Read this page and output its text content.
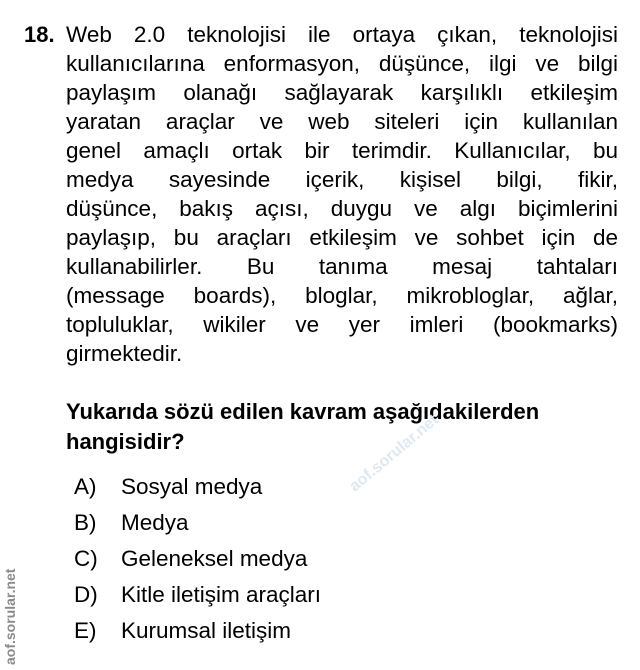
18. Web 2.0 teknolojisi ile ortaya çıkan, teknolojisi
kullanıcılarına enformasyon, düşünce, ilgi ve bilgi
paylaşım olanağı sağlayarak karşılıklı etkileşim
yaratan araçlar ve web siteleri için kullanılan
genel amaçlı ortak bir terimdir. Kullanıcılar, bu
medya sayesinde içerik, kişisel bilgi, fikir,
düşünce, bakış açısı, duygu ve algı biçimlerini
paylaşıp, bu araçları etkileşim ve sohbet için de
kullanabilirler. Bu tanıma mesaj tahtaları
(message boards), bloglar, mikrobloglar, ağlar,
topluluklar, wikiler ve yer imleri (bookmarks)
girmektedir.
Yukarıda sözü edilen kavram aşağıdakilerden
hangisidir?
A)	Sosyal medya
B)	Medya
C)	Geleneksel medya
D)	Kitle iletişim araçları
E)	Kurumsal iletişim
aof.sorular.net
aof.sorular.net
